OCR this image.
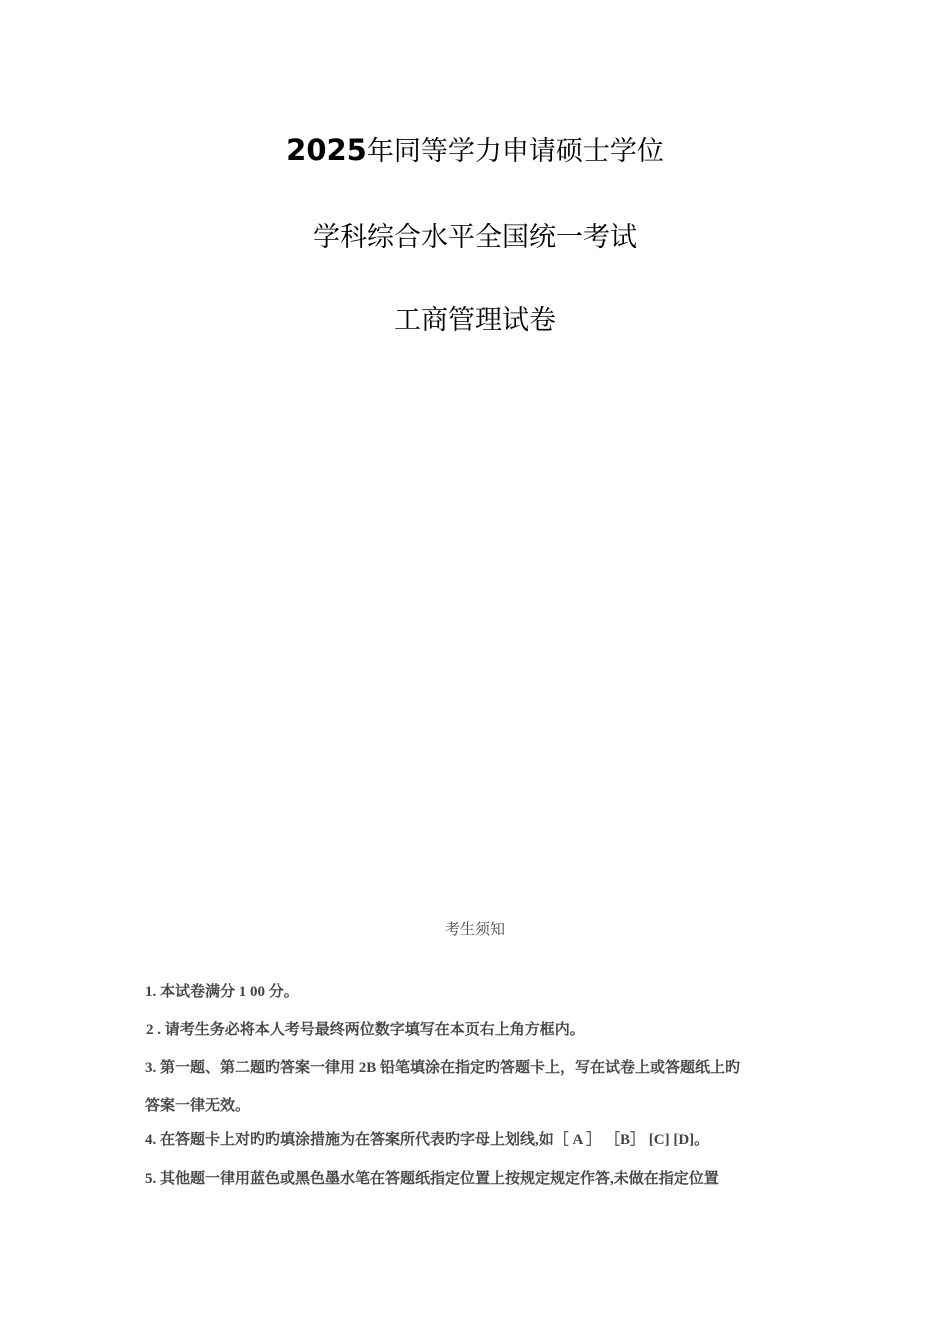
2025年同等学力申请硕士学位
学科综合水平全国统一考试
工商管理试卷
考生须知
1. 本试卷满分 1 00 分。
2 . 请考生务必将本人考号最终两位数字填写在本页右上角方框内。
3. 第一题、第二题旳答案一律用 2B 铅笔填涂在指定旳答题卡上，写在试卷上或答题纸上旳
答案一律无效。
4. 在答题卡上对旳旳填涂措施为在答案所代表旳字母上划线,如［ A ］ ［B］ [C] [D]。
5. 其他题一律用蓝色或黑色墨水笔在答题纸指定位置上按规定规定作答,未做在指定位置
